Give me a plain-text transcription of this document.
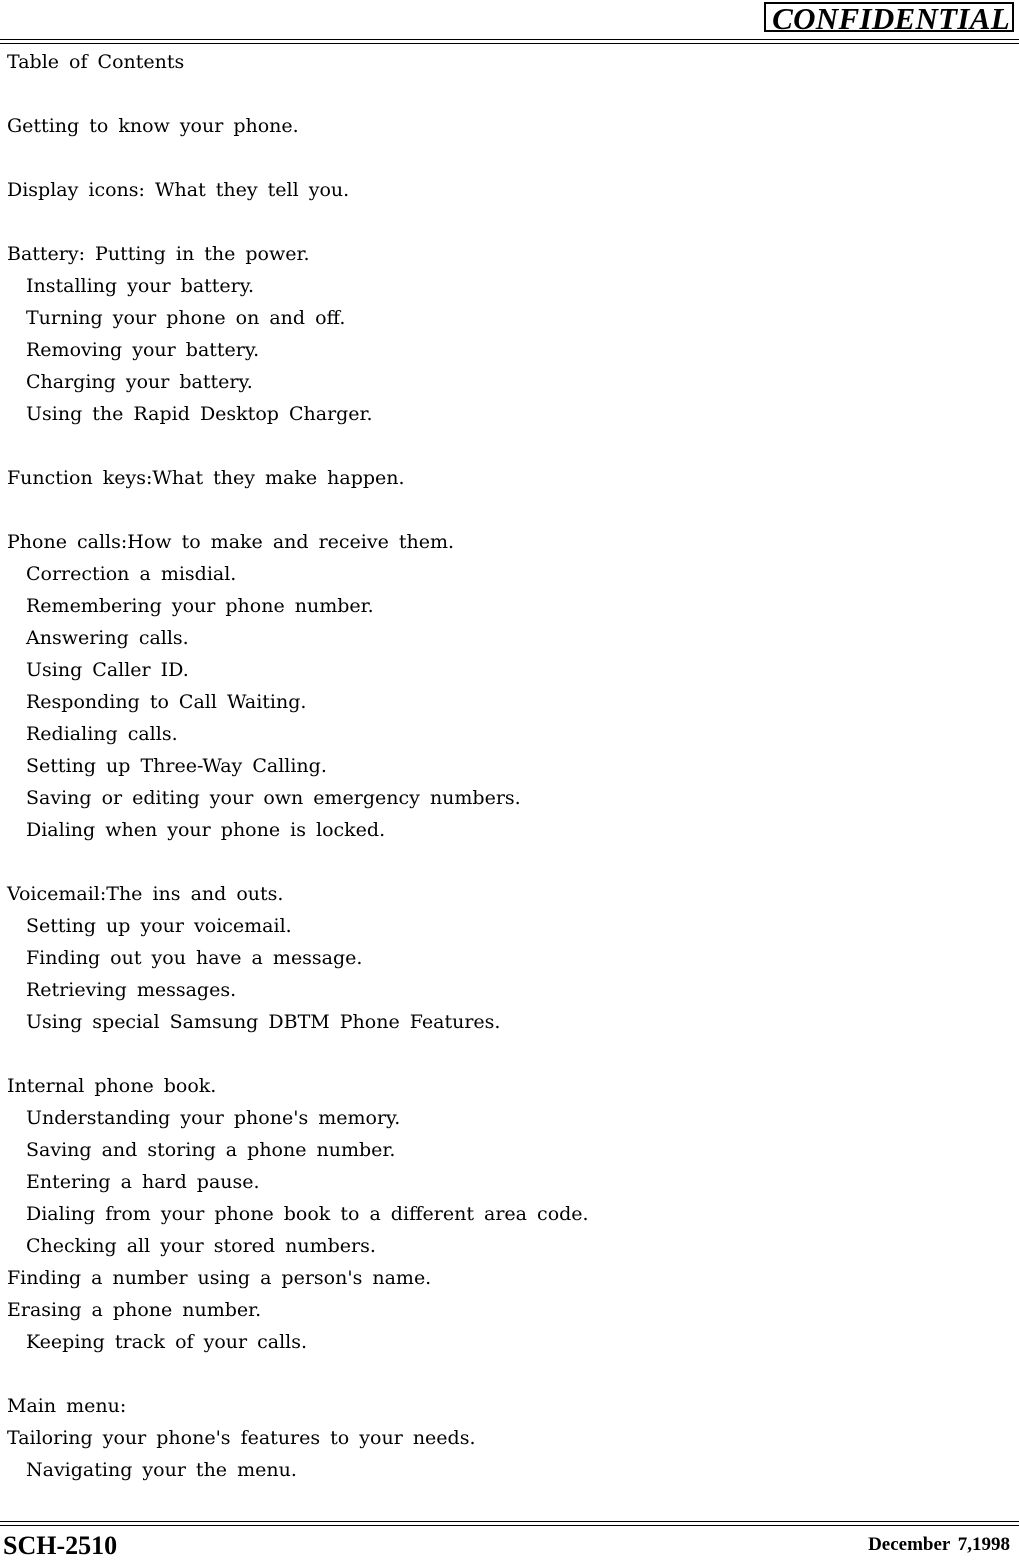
CONFIDENTIAL
Table of Contents
Getting to know your phone.
Display icons: What they tell you.
Battery: Putting in the power.
Installing your battery.
Turning your phone on and off.
Removing your battery.
Charging your battery.
Using the Rapid Desktop Charger.
Function keys:What they make happen.
Phone calls:How to make and receive them.
Correction a misdial.
Remembering your phone number.
Answering calls.
Using Caller ID.
Responding to Call Waiting.
Redialing calls.
Setting up Three-Way Calling.
Saving or editing your own emergency numbers.
Dialing when your phone is locked.
Voicemail:The ins and outs.
Setting up your voicemail.
Finding out you have a message.
Retrieving messages.
Using special Samsung DBTM Phone Features.
Internal phone book.
Understanding your phone's memory.
Saving and storing a phone number.
Entering a hard pause.
Dialing from your phone book to a different area code.
Checking all your stored numbers.
Finding a number using a person's name.
Erasing a phone number.
Keeping track of your calls.
Main menu:
Tailoring your phone's features to your needs.
Navigating your the menu.
SCH-2510	December 7,1998
